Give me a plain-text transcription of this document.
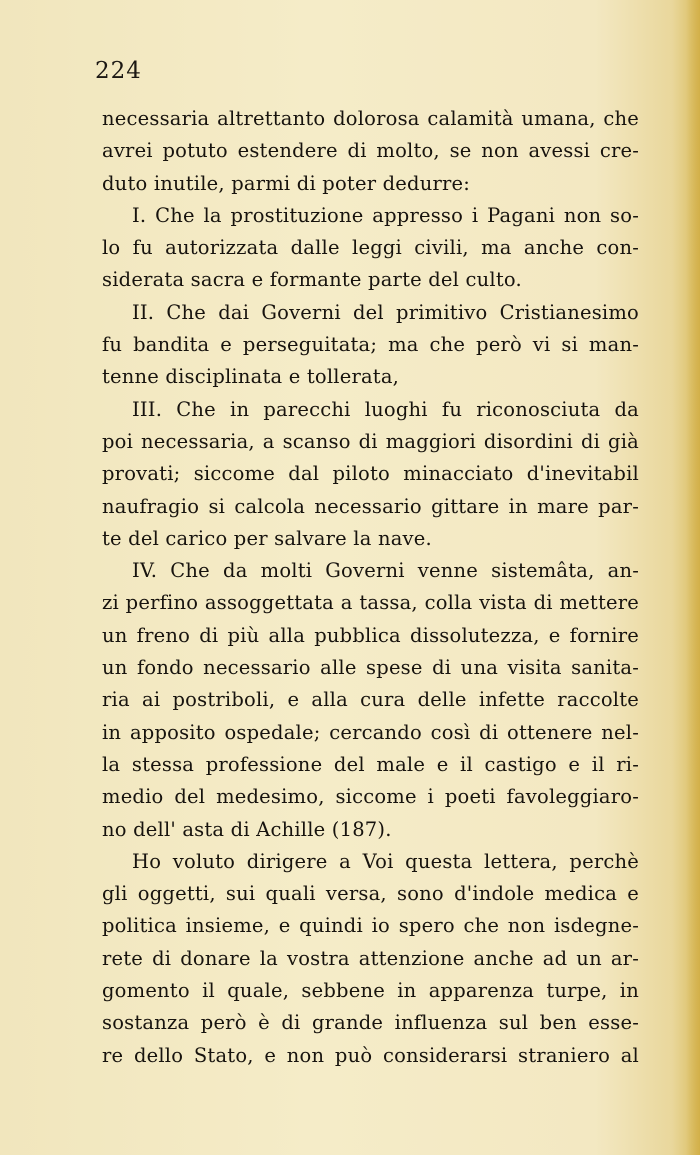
224
necessaria altrettanto dolorosa calamità umana, che
avrei potuto estendere di molto, se non avessi cre-
duto inutile, parmi di poter dedurre:
I. Che la prostituzione appresso i Pagani non so-
lo fu autorizzata dalle leggi civili, ma anche con-
siderata sacra e formante parte del culto.
II. Che dai Governi del primitivo Cristianesimo
fu bandita e perseguitata; ma che però vi si man-
tenne disciplinata e tollerata,
III. Che in parecchi luoghi fu riconosciuta da
poi necessaria, a scanso di maggiori disordini di già
provati; siccome dal piloto minacciato d'inevitabil
naufragio si calcola necessario gittare in mare par-
te del carico per salvare la nave.
IV. Che da molti Governi venne sistemâta, an-
zi perfino assoggettata a tassa, colla vista di mettere
un freno di più alla pubblica dissolutezza, e fornire
un fondo necessario alle spese di una visita sanita-
ria ai postriboli, e alla cura delle infette raccolte
in apposito ospedale; cercando così di ottenere nel-
la stessa professione del male e il castigo e il ri-
medio del medesimo, siccome i poeti favoleggiaro-
no dell' asta di Achille (187).
Ho voluto dirigere a Voi questa lettera, perchè
gli oggetti, sui quali versa, sono d'indole medica e
politica insieme, e quindi io spero che non isdegne-
rete di donare la vostra attenzione anche ad un ar-
gomento il quale, sebbene in apparenza turpe, in
sostanza però è di grande influenza sul ben esse-
re dello Stato, e non può considerarsi straniero al
